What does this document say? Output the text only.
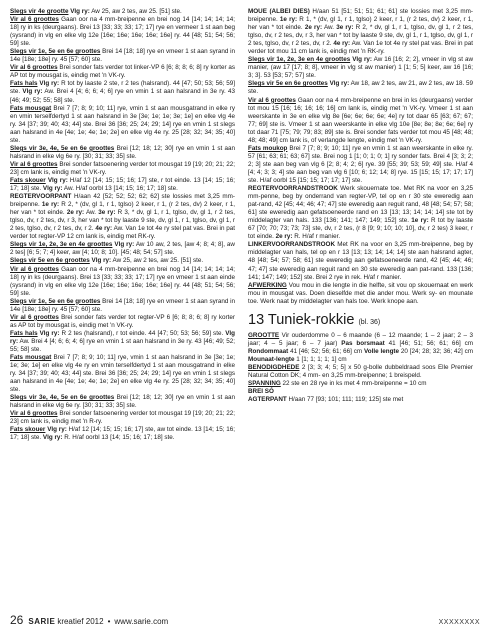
Slegs vir 4e grootte Vlg ry: Aw 25, aw 2 tes, aw 25. [51] ste.

Vir al 6 groottes Gaan oor na 4 mm-breipenne en brei nog 14 [14; 14; 14; 14; 18] ry in ks (deurgaans). Brei 13 [33; 33; 33; 17; 17] rye en vermeer 1 st aan beg (sysrand) in vlg en elke vlg 12e [16e; 16e; 16e; 16e; 16e] ry. 44 [48; 51; 54; 56; 59] ste.

Slegs vir 1e, 5e en 6e groottes Brei 14 [18; 18] rye en vmeer 1 st aan syrand in 14e [18e; 18e] ry. 45 [57; 60] ste.

Vir al 6 groottes Brei sonder fats verder tot linker-VP 6 [6; 8; 8; 6; 8] ry korter as AP tot by mousgat is, eindig met 'n VK-ry.

Fats hals Vlg ry: R tot by laaste 2 ste, r 2 tes (halsrand). 44 [47; 50; 53; 56; 59] ste. Vlg ry: Aw. Brei 4 [4; 6; 6; 4; 6] rye en vmin 1 st aan halsrand in 3e ry. 43 [46; 49; 52; 55; 58] ste.

Fats mousgat Brei 7 [7; 8; 9; 10; 11] rye, vmin 1 st aan mousgatrand in elke ry en vmin terselfdertyd 1 st aan halsrand in 3e [3e; 1e; 1e; 3e; 1e] en elke vlg 4e ry. 34 [37; 39; 40; 43; 44] ste. Brei 36 [36; 25; 24; 29; 14] rye en vmin 1 st slegs aan halsrand in 4e [4e; 1e; 4e; 1e; 2e] en elke vlg 4e ry. 25 [28; 32; 34; 35; 40] ste.

Slegs vir 3e, 4e, 5e en 6e groottes Brei [12; 18; 12; 30] rye en vmin 1 st aan halsrand in elke vlg 6e ry. [30; 31; 33; 35] ste.

Vir al 6 groottes Brei sonder fatsoenering verder tot mousgat 19 [19; 20; 21; 22; 23] cm lank is, eindig met 'n VK-ry.

Fats skouer Vlg ry: H/af 12 [14; 15; 15; 16; 17] ste, r tot einde. 13 [14; 15; 16; 17; 18] ste. Vlg ry: Aw. H/af oorbl 13 [14; 15; 16; 17; 18] ste.

REGTERVOORPANT H/aan 42 [52; 52; 52; 62; 62] ste lossies met 3,25 mm-breipenne. 1e ry: R 2, * (dv, gl 1, r 1, tglso) 2 keer, r 1, (r 2 tes, dv) 2 keer, r 1, her van * tot einde. 2e ry: Aw. 3e ry: R 3, * dv, gl 1, r 1, tglso, dv, gl 1, r 2 tes, tglso, dv, r 2 tes, dv, r 3, her van * tot by laaste 9 ste, dv, gl 1, r 1, tglso, dv, gl 1, r 2 tes, tglso, dv, r 2 tes, dv, r 2. 4e ry: Aw. Van 1e tot 4e ry stel pat vas. Brei in pat verder tot regter-VP 12 cm lank is, eindig met RK-ry.

Slegs vir 1e, 2e, 3e en 4e groottes Vlg ry: Aw 10 aw, 2 tes, [aw 4; 8; 4; 8], aw 2 tes] [6; 5; 7; 4] keer, aw [4; 10; 8; 10]. [45; 48; 54; 57] ste.

Slegs vir 5e en 6e groottes Vlg ry: Aw 25, aw 2 tes, aw 25. [51] ste.

Vir al 6 groottes Gaan oor na 4 mm-breipenne en brei nog 14 [14; 14; 14; 14; 18] ry in ks (deurgaans). Brei 13 [33; 33; 33; 17; 17] rye en vmeer 1 st aan einde (sysrand) in vlg en elke vlg 12e [16e; 16e; 16e; 16e; 16e] ry. 44 [48; 51; 54; 56; 59] ste.

Slegs vir 1e, 5e en 6e groottes Brei 14 [18; 18] rye en vmeer 1 st aan syrand in 14e [18e; 18e] ry. 45 [57; 60] ste.

Vir al 6 groottes Brei sonder fats verder tot regter-VP 6 [6; 8; 8; 6; 8] ry korter as AP tot by mousgat is, eindig met 'n VK-ry.

Fats hals Vlg ry: R 2 tes (halsrand), r tot einde. 44 [47; 50; 53; 56; 59] ste. Vlg ry: Aw. Brei 4 [4; 6; 6; 4; 6] rye en vmin 1 st aan halsrand in 3e ry. 43 [46; 49; 52; 55; 58] ste.

Fats mousgat Brei 7 [7; 8; 9; 10; 11] rye, vmin 1 st aan halsrand in 3e [3e; 1e; 1e; 3e; 1e] en elke vlg 4e ry en vmin terselfdertyd 1 st aan mousgatrand in elke ry. 34 [37; 39; 40; 43; 44] ste. Brei 36 [36; 25; 24; 29; 14] rye en vmin 1 st slegs aan halsrand in 4e [4e; 1e; 4e; 1e; 2e] en elke vlg 4e ry. 25 [28; 32; 34; 35; 40] ste.

Slegs vir 3e, 4e, 5e en 6e groottes Brei [12; 18; 12; 30] rye en vmin 1 st aan halsrand in elke vlg 6e ry. [30; 31; 33; 35] ste.

Vir al 6 groottes Brei sonder fatsoenering verder tot mousgat 19 [19; 20; 21; 22; 23] cm lank is, eindig met 'n R-ry.

Fats skouer Vlg ry: H/af 12 [14; 15; 15; 16; 17] ste, aw tot einde. 13 [14; 15; 16; 17; 18] ste. Vlg ry: R. H/af oorbl 13 [14; 15; 16; 17; 18] ste.

MOUE (ALBEI DIES) H/aan 51 [51; 51; 51; 61; 61] ste lossies met 3,25 mm-breipenne. 1e ry: R 1, * (dv, gl 1, r 1, tglso) 2 keer, r 1, (r 2 tes, dv) 2 keer, r 1, her van * tot einde. 2e ry: Aw. 3e ry: R 2, * dv, gl 1, r 1, tglso, dv, gl 1, r 2 tes, tglso, dv, r 2 tes, dv, r 3, her van * tot by laaste 9 ste, dv, gl 1, r 1, tglso, dv, gl 1, r 2 tes, tglso, dv, r 2 tes, dv, r 2. 4e ry: Aw. Van 1e tot 4e ry stel pat vas. Brei in pat verder tot mou 11 cm lank is, eindig met 'n RK-ry.

Slegs vir 1e, 2e, 3e en 4e groottes Vlg ry: Aw 16 [16; 2; 2], vmeer in vlg st aw manier, (aw 17 [17; 8; 8], vmeer in vlg st aw manier) 1 [1; 5; 5] keer, aw 16 [16; 3; 3]. 53 [53; 57; 57] ste.

Slegs vir 5e en 6e groottes Vlg ry: Aw 18, aw 2 tes, aw 21, aw 2 tes, aw 18. 59 ste.

Vir al 6 groottes Gaan oor na 4 mm-breipenne en brei in ks (deurgaans) verder tot mou 15 [16; 16; 16; 16; 16] cm lank is, eindig met 'n VK-ry. Vmeer 1 st aan weerskante in 3e en elke vlg 8e [6e; 6e; 6e; 6e; 4e] ry tot daar 65 [63; 67; 67; 77; 69] ste is. Vmeer 1 st aan weerskante in elke vlg 10e [8e; 8e; 8e; 6e; 6e] ry tot daar 71 [75; 79; 79; 83; 89] ste is. Brei sonder fats verder tot mou 45 [48; 48; 48; 48; 49] cm lank is, of verlangde lengte, eindig met 'n VK-ry.

Fats moukop Brei 7 [7; 8; 9; 10; 11] rye en vmin 1 st aan weerskante in elke ry. 57 [61; 63; 61; 63; 67] ste. Brei nog 1 [1; 0; 1; 0; 1] ry sonder fats. Brei 4 [3; 3; 2; 2; 3] ste aan beg van vlg 6 [2; 8; 4; 2; 6] rye. 39 [55; 39; 53; 59; 49] ste. H/af 4 [4; 4; 3; 3; 4] ste aan beg van vlg 6 [10; 6; 12; 14; 8] rye. 15 [15; 15; 17; 17; 17] ste. H/af oorbl 15 [15; 15; 17; 17; 17] ste.

REGTERVOORRANDSTROOK Werk skouernate toe. Met RK na voor en 3,25 mm-penne, beg by onderrand van regter-VP, tel op en r 30 ste eweredig aan pat-rand, 42 [45; 44; 46; 47; 47] ste eweredig aan reguit rand, 48 [48; 54; 57; 58; 61] ste eweredig aan gefatsoeneerde rand en 13 [13; 13; 14; 14; 14] ste tot by middelagter van hals. 133 [136; 141; 147; 149; 152] ste. 1e ry: R tot by laaste 67 [70; 70; 73; 73; 73] ste, dv, r 2 tes, (r 8 [9; 9; 10; 10; 10], dv, r 2 tes) 3 keer, r tot einde. 2e ry: R. H/af r manier.

LINKERVOORRANDSTROOK Met RK na voor en 3,25 mm-breipenne, beg by middelagter van hals, tel op en r 13 [13; 13; 14; 14; 14] ste aan halsrand agter, 48 [48; 54; 57; 58; 61] ste eweredig aan gefatsoeneerde rand, 42 [45; 44; 46; 47; 47] ste eweredig aan reguit rand en 30 ste eweredig aan pat-rand. 133 [136; 141; 147; 149; 152] ste. Brei 2 rye in rek. H/af r manier.

AFWERKING Vou mou in die lengte in die helfte, sit vou op skouernaat en werk mou in mousgat vas. Doen dieselfde met die ander mou. Werk sy- en mounate toe. Werk naat by middelagter van hals toe. Werk knope aan.

13 Tuniek-rokkie (bl. 36)

GROOTTE Vir ouderdomme 0 – 6 maande (6 – 12 maande; 1 – 2 jaar; 2 – 3 jaar; 4 – 5 jaar; 6 – 7 jaar) Pas borsmaat 41 [46; 51; 56; 61; 66] cm Rondommaat 41 [46; 52; 56; 61; 66] cm Volle lengte 20 [24; 28; 32; 36; 42] cm Mounaat-lengte 1 [1; 1; 1; 1; 1] cm

BENODIGDHEDE 2 [3; 3; 4; 5; 5] x 50 g-bolle dubbeldraad soos Elle Premier Natural Cotton DK; 4 mm- en 3,25 mm-breipenne; 1 breispeld.

SPANNING 22 ste en 28 rye in ks met 4 mm-breipenne = 10 cm

BREI SÓ

AGTERPANT H/aan 77 [93; 101; 111; 119; 125] ste met

26 SARIE kreatief 2012 • www.sarie.com	XXXXXXXX
